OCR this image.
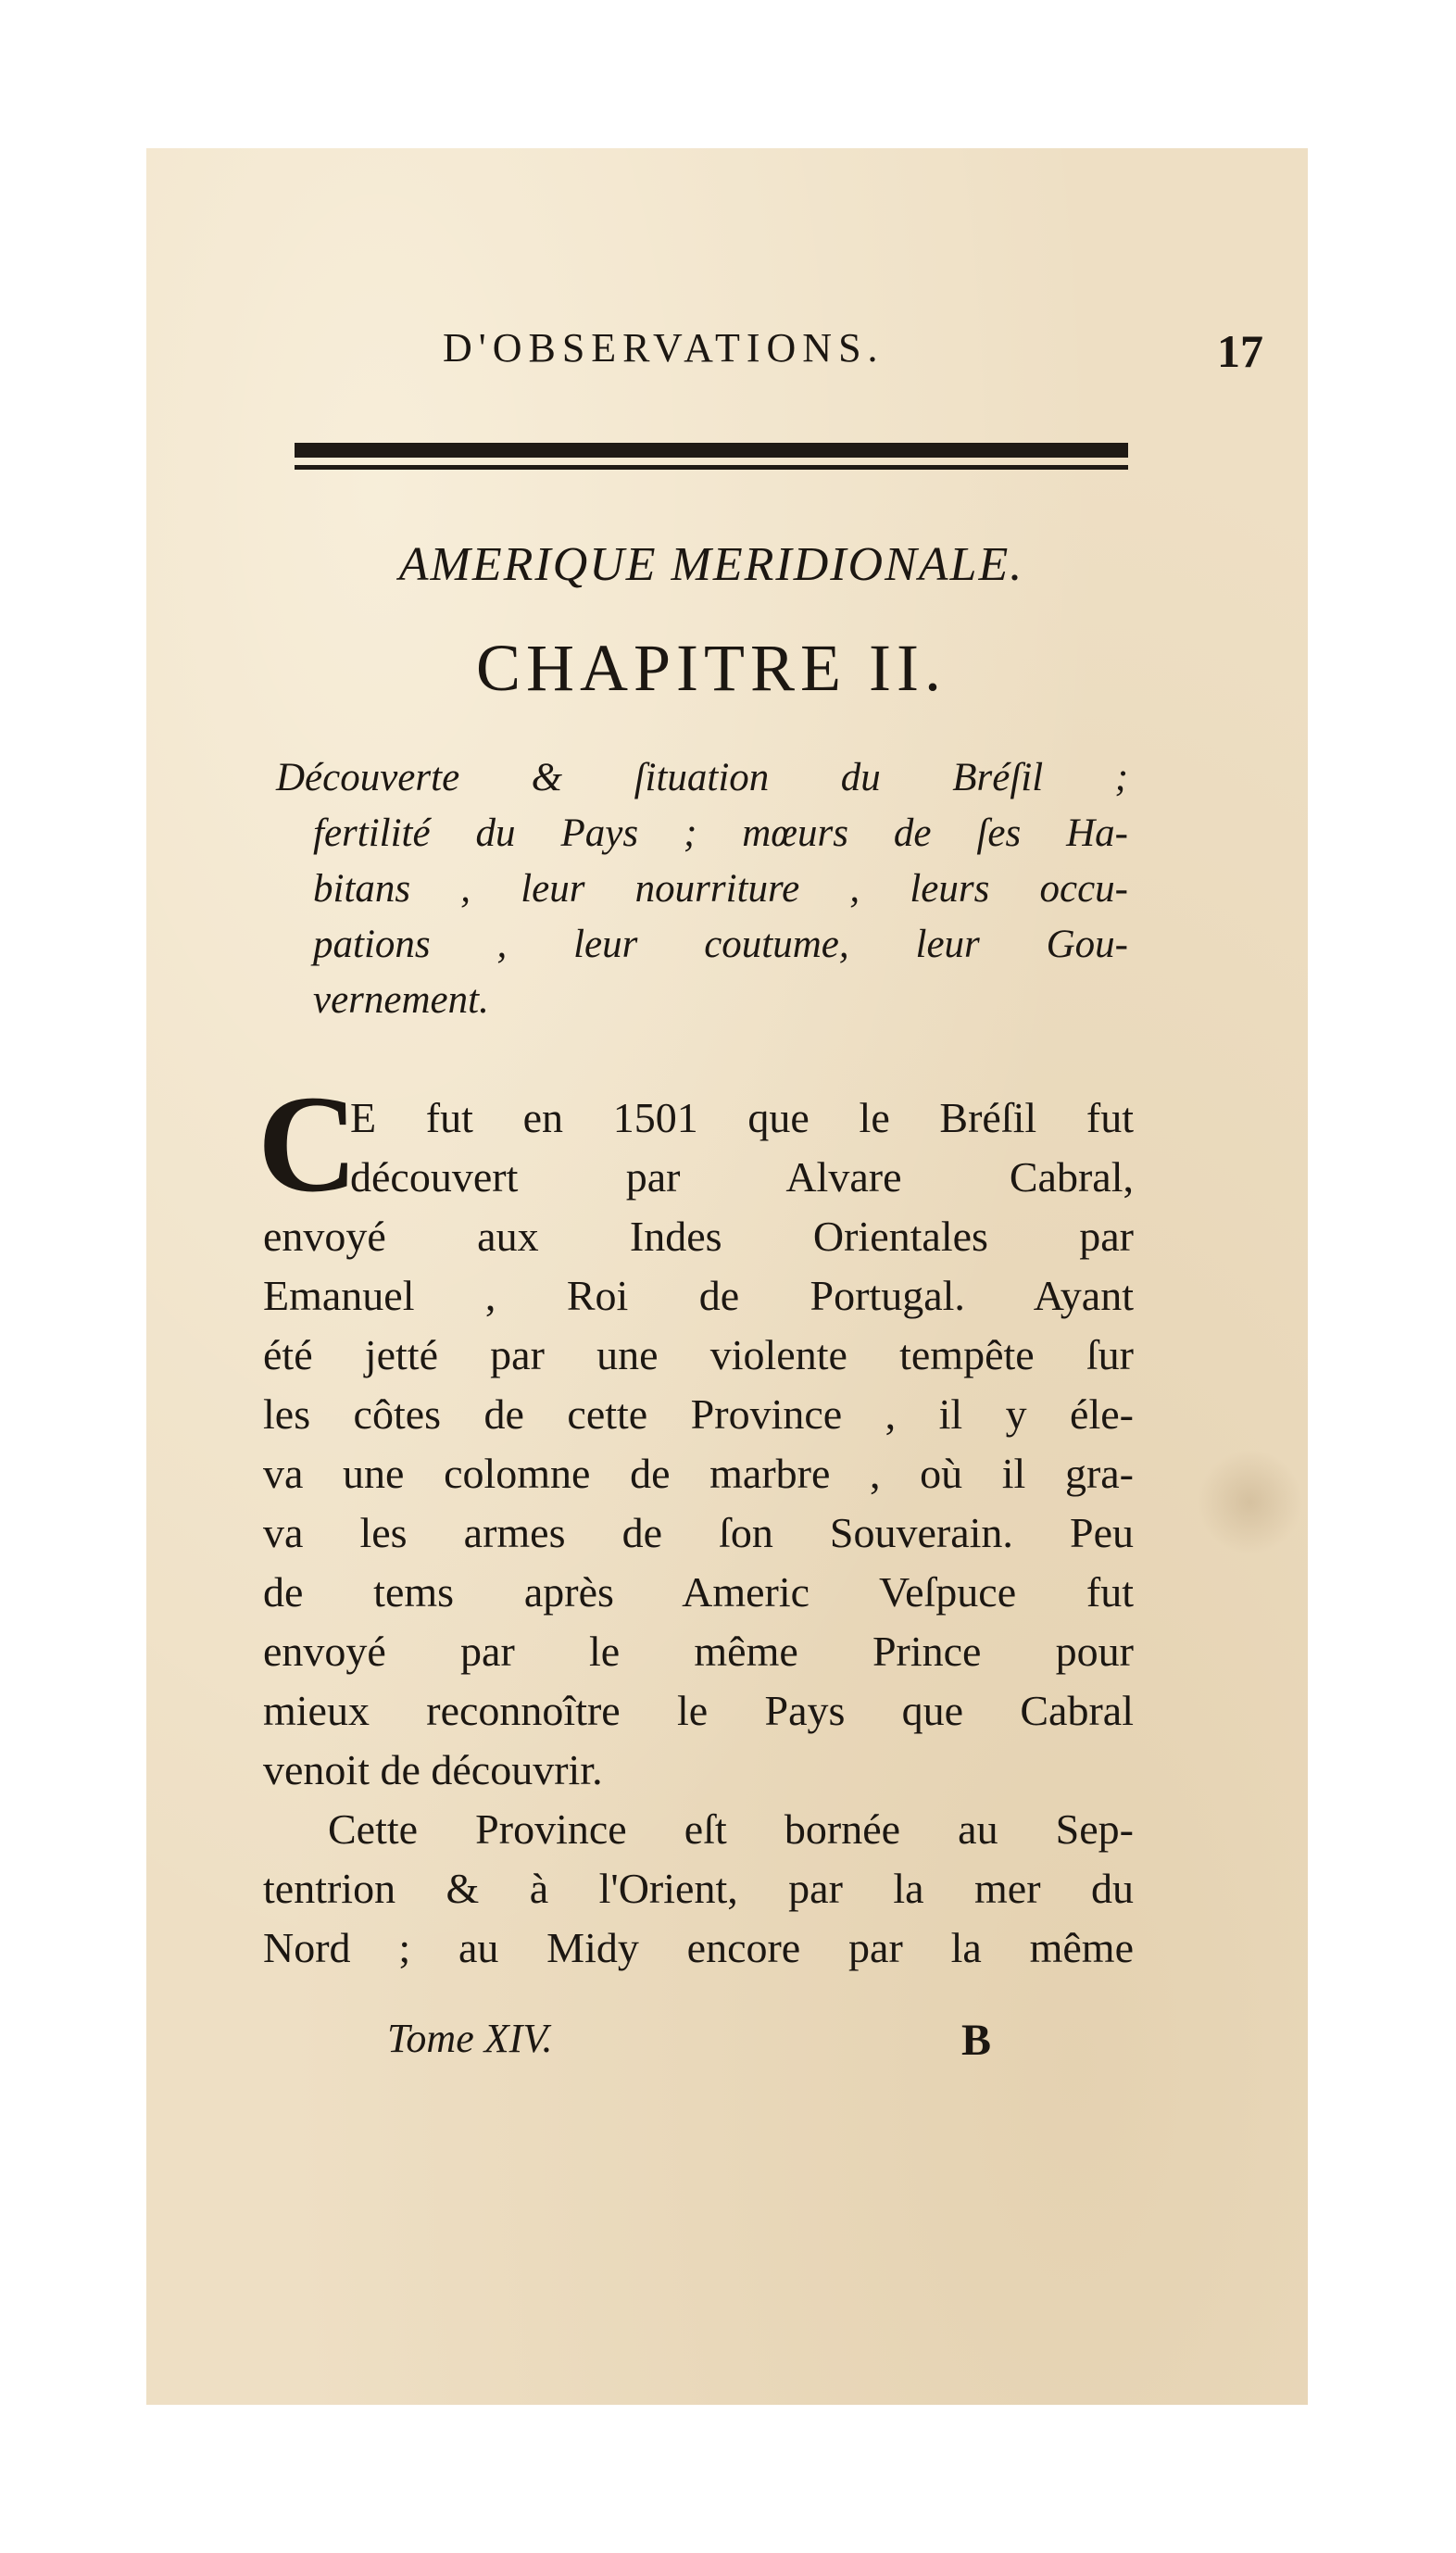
D'OBSERVATIONS.	17
AMERIQUE MERIDIONALE.
CHAPITRE II.
Découverte & ſituation du Bréſil ;
fertilité du Pays ; mœurs de ſes Ha-
bitans , leur nourriture , leurs occu-
pations , leur coutume, leur Gou-
vernement.
C
E fut en 1501 que le Bréſil fut
découvert par Alvare Cabral,
envoyé aux Indes Orientales par
Emanuel , Roi de Portugal. Ayant
été jetté par une violente tempête ſur
les côtes de cette Province , il y éle-
va une colomne de marbre , où il gra-
va les armes de ſon Souverain. Peu
de tems après Americ Veſpuce fut
envoyé par le même Prince pour
mieux reconnoître le Pays que Cabral
venoit de découvrir.
Cette Province eſt bornée au Sep-
tentrion & à l'Orient, par la mer du
Nord ; au Midy encore par la même
Tome XIV.	B
